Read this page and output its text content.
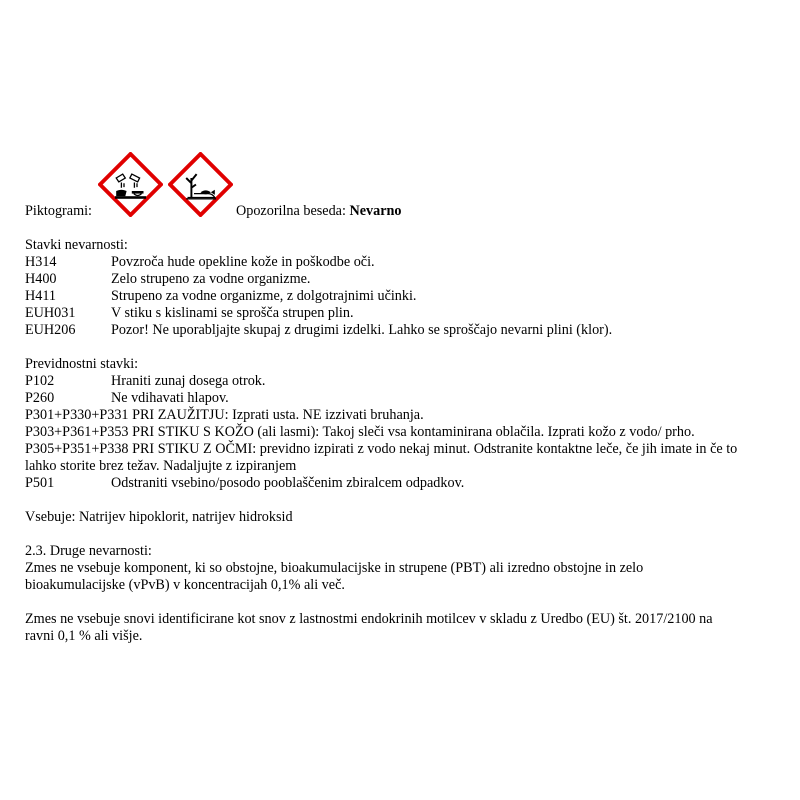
Piktogrami:	Opozorilna beseda: Nevarno
Stavki nevarnosti:
H314	Povzroča hude opekline kože in poškodbe oči.
H400	Zelo strupeno za vodne organizme.
H411	Strupeno za vodne organizme, z dolgotrajnimi učinki.
EUH031	V stiku s kislinami se sprošča strupen plin.
EUH206	Pozor! Ne uporabljajte skupaj z drugimi izdelki. Lahko se sproščajo nevarni plini (klor).
Previdnostni stavki:
P102	Hraniti zunaj dosega otrok.
P260	Ne vdihavati hlapov.
P301+P330+P331 PRI ZAUŽITJU: Izprati usta. NE izzivati bruhanja.
P303+P361+P353 PRI STIKU S KOŽO (ali lasmi): Takoj sleči vsa kontaminirana oblačila. Izprati kožo z vodo/ prho.
P305+P351+P338 PRI STIKU Z OČMI: previdno izpirati z vodo nekaj minut. Odstranite kontaktne leče, če jih imate in če to
lahko storite brez težav. Nadaljujte z izpiranjem
P501	Odstraniti vsebino/posodo pooblaščenim zbiralcem odpadkov.
Vsebuje: Natrijev hipoklorit, natrijev hidroksid
2.3. Druge nevarnosti:
Zmes ne vsebuje komponent, ki so obstojne, bioakumulacijske in strupene (PBT) ali izredno obstojne in zelo
bioakumulacijske (vPvB) v koncentracijah 0,1% ali več.
Zmes ne vsebuje snovi identificirane kot snov z lastnostmi endokrinih motilcev v skladu z Uredbo (EU) št. 2017/2100 na
ravni 0,1 % ali višje.
